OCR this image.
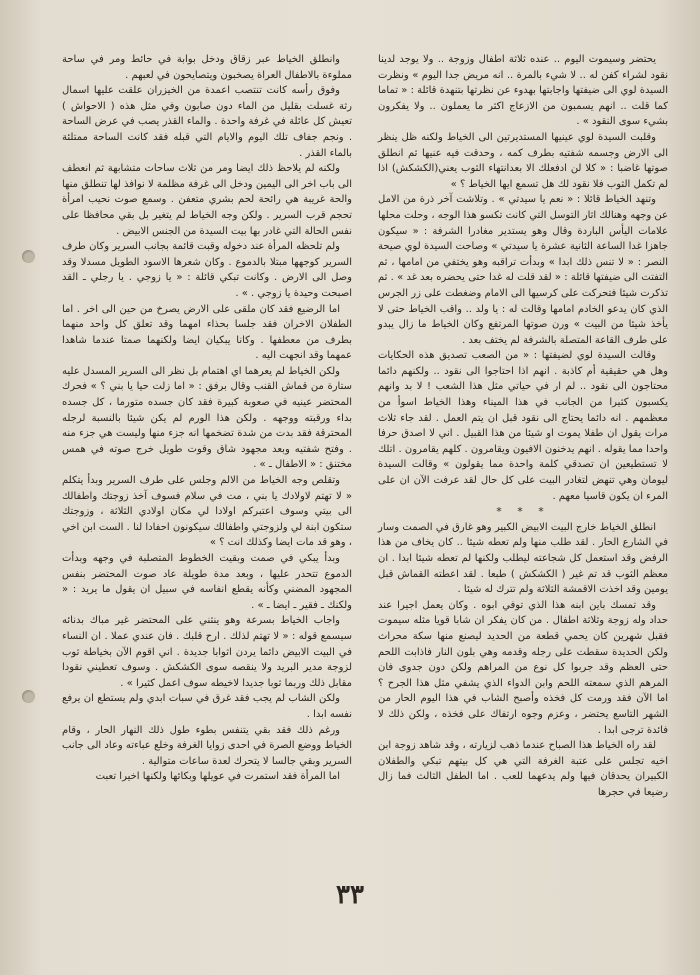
يحتضر وسيموت اليوم .. عنده ثلاثة اطفال وزوجة .. ولا يوجد لدينا نقود لشراء كفن له .. لا شيء بالمرة .. انه مريض جدا اليوم » ونظرت السيدة لوي الى ضيفتها واجابتها بهدوء عن نظرتها بتنهدة قائلة : « تماما كما قلت .. انهم يسمبون من الازعاج اكثر ما يعملون .. ولا يفكرون بشيء سوى النقود » .

وقلبت السيدة لوي عينيها المستديرتين الى الخياط ولكنه ظل ينظر الى الارض وجسمه شفتيه بطرف كمه ، وحدقت فيه عنيها ثم انطلق صوتها غاضبا : « كلا لن ادفعلك الا بعدانتهاء الثوب يعني(الكشكش) اذا لم تكمل الثوب فلا نقود لك هل تسمع ايها الخياط ؟ »

وتنهد الخياط قائلا : « نعم يا سيدتي » . وتلاشت آخر ذرة من الامل عن وجهه وهنالك اثار التوسل التي كانت تكسو هذا الوجه ، وحلت محلها علامات اليأس الباردة وقال وهو يستدير مغادرا الشرفة : « سيكون جاهزا غدا الساعة الثانية عشرة يا سيدتي » وصاحت السيدة لوي صيحة النصر : « لا تنس ذلك ابدا » وبدأت تراقبه وهو يختفي من امامها ، ثم التفتت الى ضيفتها قائلة : « لقد قلت له غدا حتى يحضره بعد غد » . ثم تذكرت شيئا فتحركت على كرسيها الى الامام وضغطت على زر الجرس الذي كان يدعو الخادم امامها وقالت له : يا ولد .. واقب الخياط حتى لا يأخذ شيئا من البيت » ورن صوتها المرتفع وكان الخياط ما زال يبدو على طرف القاعة المتصلة بالشرفة لم يختف بعد .

وقالت السيدة لوي لضيفتها : « من الصعب تصديق هذه الحكايات وهل هي حقيقية أم كاذبة . انهم اذا احتاجوا الى نقود .. ولكنهم دائما محتاجون الى نقود .. لم ار في حياتي مثل هذا الشعب ! لا بد وانهم يكسبون كثيرا من الجانب في هذا الميناء وهذا الخياط اسوأ من معظمهم . انه دائما يحتاج الى نقود قبل ان يتم العمل . لقد جاء ثلاث مرات يقول ان طفلا يموت او شيئا من هذا القبيل . اني لا اصدق حرفا واحدا مما يقوله . انهم يدخنون الافيون ويقامرون . كلهم يقامرون . اتلك لا تستطيعين ان تصدقي كلمة واحدة مما يقولون » وقالت السيدة ليومان وهي تنهض لتغادر البيت على كل حال لقد عرفت الآن ان على المرء ان يكون قاسيا معهم .

* * *

انطلق الخياط خارج البيت الابيض الكبير وهو غارق في الصمت وسار في الشارع الحار . لقد طلب منها ولم تعطه شيئا .. كان يخاف من هذا الرفض وقد استعمل كل شجاعته ليطلب ولكنها لم تعطه شيئا ابدا . ان معظم الثوب قد تم غير ( الكشكش ) طبعا . لقد اعطته القماش قبل يومين وقد اخذت الاقمشة الثلاثة ولم تترك له شيئا .

وقد تمسك باين ابنه هذا الذي توفي ابوه . وكان يعمل اجيرا عند حداد وله زوجة وثلاثة اطفال . من كان يفكر ان شابا قويا مثله سيموت فقبل شهرين كان يحمي قطعة من الحديد ليصنع منها سكة محراث ولكن الحديدة سقطت على رجله وقدمه وهي بلون النار فاذابت اللحم حتى العظم وقد جربوا كل نوع من المراهم ولكن دون جدوى فان المرهم الذي سمعته اللحم وابن الدواء الذي يشفي مثل هذا الجرح ؟ اما الآن فقد ورمت كل فخذه وأصبح الشاب في هذا اليوم الحار من الشهر التاسع يحتضر ، وعزم وجوه ارتفاك على فخذه ، ولكن ذلك لا فائدة ترجى ابدا .

لقد راه الخياط هذا الصباح عندما ذهب لزيارته ، وقد شاهد زوجة ابن اخيه تجلس على عتبة الغرفة التي هي كل بيتهم تبكي والطفلان الكبيران يحدقان فيها ولم يدعهما للعب . اما الطفل الثالث فما زال رضيعا في حجرها

وانطلق الخياط عبر زقاق ودخل بوابة في حائط ومر في ساحة مملوءة بالاطفال العراة يصخبون ويتصايحون في لعبهم .

وفوق رأسه كانت تنتصب اعمدة من الخيزران علقت عليها اسمال رثة غسلت بقليل من الماء دون صابون وفي مثل هذه ( الاحواش ) تعيش كل عائلة في غرفة واحدة . والماء القذر يصب في عرض الساحة . ونجم جفاف تلك اليوم والايام التي قبله فقد كانت الساحة ممتلئة بالماء القذر .

ولكنه لم يلاحظ ذلك ايضا ومر من ثلاث ساحات متشابهة ثم انعطف الى باب اخر الى اليمين ودخل الى غرفة مظلمة لا نوافذ لها تنطلق منها والحة غريبة هي رائحة لحم بشري متعفن . وسمع صوت نحيب امرأة تحجم قرب السرير . ولكن وجه الخياط لم يتغير بل بقي محافظا على نفس الحالة التي غادر بها بيت السيدة من الجنس الابيض .

ولم تلحظه المرأة عند دخوله وقبت قائمة بجانب السرير وكان طرف السرير كوجهها مبتلا بالدموع . وكان شعرها الاسود الطويل مسدلا وقد وصل الى الارض . وكانت تبكي قائلة : « يا زوجي . يا رجلي ـ القد اصبحت وحيدة يا زوجي . » .

اما الرضيع فقد كان ملقى على الارض يصرخ من حين الى اخر . اما الطفلان الاخران فقد جلسا بحذاء امهما وقد تعلق كل واحد منهما بطرف من معطفها . وكانا يبكيان ايضا ولكنهما صمتا عندما شاهدا عمهما وقد انجهت اليه .

ولكن الخياط لم يعرهما اي اهتمام بل نظر الى السرير المسدل عليه ستارة من قماش القنب وقال برفق : « اما زلت حيا يا بني ؟ » فحرك المحتضر عينيه في صعوبة كبيرة فقد كان جسده متورما ، كل جسده بداء ورقبته ووجهه . ولكن هذا الورم لم يكن شيئا بالنسبة لرجله المحترقة فقد بدت من شدة تضخمها انه جزء منها وليست هي جزء منه . وفتح شفتيه وبعد مجهود شاق وقوت طويل خرج صوته في همس مختنق : « الاطفال ـ » .

وتقلص وجه الخياط من الالم وجلس على طرف السرير وبدأ يتكلم « لا تهتم لاولادك يا بني ، مت في سلام فسوف آخذ زوجتك واطفالك الى بيتي وسوف اعتبركم اولادا لي مكان اولادي الثلاثة ، وزوجتك ستكون ابنة لي ولزوجتي واطفالك سيكونون احفادا لنا . الست ابن اخي ، وهو قد مات ايضا وكذلك انت ؟ »

وبدأ يبكي في صمت وبقيت الخطوط المتصلبة في وجهه وبدأت الدموع تتحدر عليها ، وبعد مدة طويلة عاد صوت المحتضر بنفس المجهود المضني وكأنه يقطع انفاسه في سبيل ان يقول ما يريد : « ولكنك ـ فقير ـ ايضا ـ » .

واجاب الخياط بسرعة وهو ينثني على المحتضر غير مباك بدنائه سيسمع قوله : « لا تهتم لذلك . ارح قلبك . فان عندي عملا . ان النساء في البيت الابيض دائما يردن اثوابا جديدة . اني اقوم الآن بخياطة ثوب لزوجة مدير البريد ولا ينقصه سوى الكشكش . وسوف تعطيني نقودا مقابل ذلك وربما ثوبا جديدا لاخيطه سوف اعمل كثيرا » .

ولكن الشاب لم يجب فقد غرق في سبات ابدي ولم يستطع ان يرفع نفسه ابدا .

ورغم ذلك فقد بقي يتنفس بطوء طول ذلك النهار الحار ، وقام الخياط ووضع الصرة في احدى زوايا الغرفة وخلع عباءته وعاد الى جانب السرير وبقي جالسا لا يتحرك لعدة ساعات متوالية .

اما المرأة فقد استمرت في عويلها وبكائها ولكنها اخيرا تعبت

٣٣
